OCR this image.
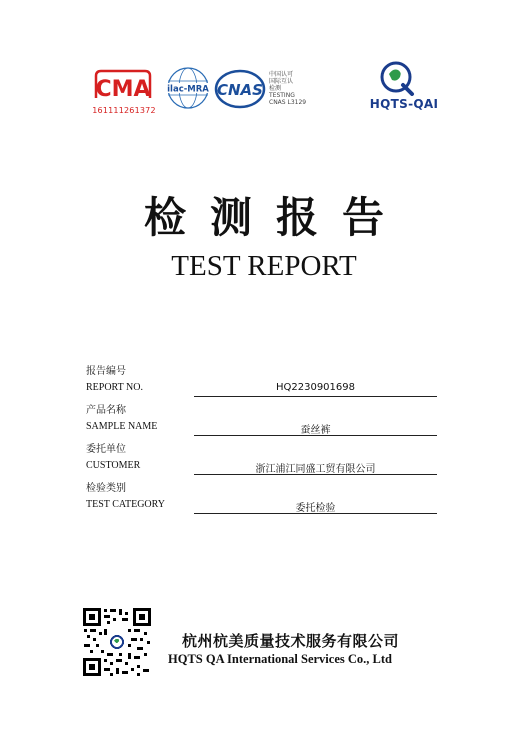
CMA
161111261372
ilac-MRA CNAS
中国认可
国际互认
检测
TESTING
CNAS L3129	HQTS-QAI
检测报告
TEST REPORT
报告编号
REPORT NO.	HQ2230901698
产品名称
SAMPLE NAME	蚕丝裤
委托单位
CUSTOMER	浙江浦江同盛工贸有限公司
检验类别
TEST CATEGORY	委托检验
杭州杭美质量技术服务有限公司
HQTS QA International Services Co., Ltd
